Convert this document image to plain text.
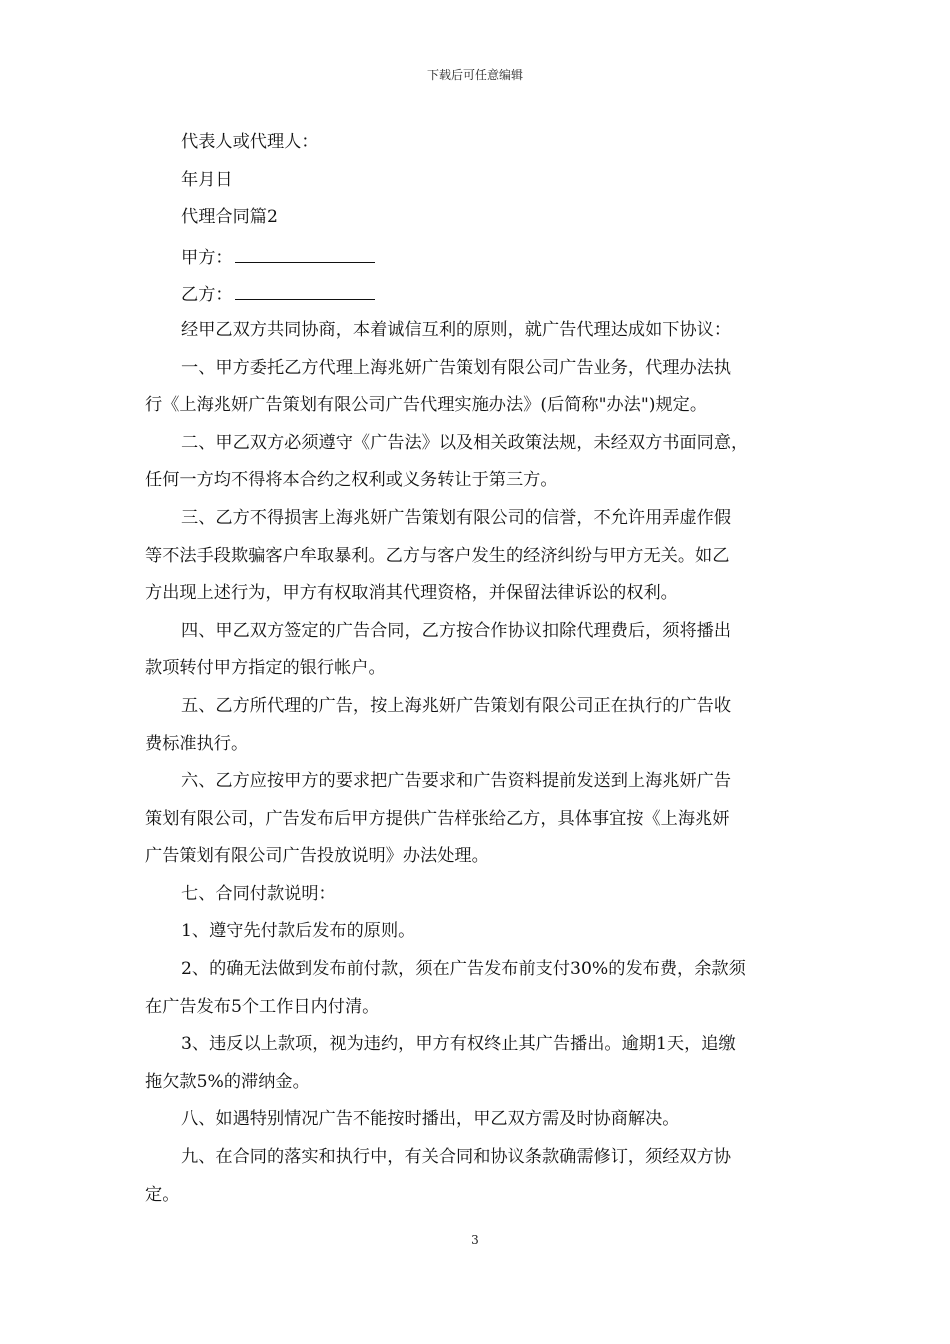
下载后可任意编辑
代表人或代理人：
年月日
代理合同篇2
甲方：
乙方：
经甲乙双方共同协商，本着诚信互利的原则，就广告代理达成如下协议：
一、甲方委托乙方代理上海兆妍广告策划有限公司广告业务，代理办法执
行《上海兆妍广告策划有限公司广告代理实施办法》(后简称"办法")规定。
二、甲乙双方必须遵守《广告法》以及相关政策法规，未经双方书面同意，
任何一方均不得将本合约之权利或义务转让于第三方。
三、乙方不得损害上海兆妍广告策划有限公司的信誉，不允许用弄虚作假
等不法手段欺骗客户牟取暴利。乙方与客户发生的经济纠纷与甲方无关。如乙
方出现上述行为，甲方有权取消其代理资格，并保留法律诉讼的权利。
四、甲乙双方签定的广告合同，乙方按合作协议扣除代理费后，须将播出
款项转付甲方指定的银行帐户。
五、乙方所代理的广告，按上海兆妍广告策划有限公司正在执行的广告收
费标准执行。
六、乙方应按甲方的要求把广告要求和广告资料提前发送到上海兆妍广告
策划有限公司，广告发布后甲方提供广告样张给乙方，具体事宜按《上海兆妍
广告策划有限公司广告投放说明》办法处理。
七、合同付款说明：
1、遵守先付款后发布的原则。
2、的确无法做到发布前付款，须在广告发布前支付30%的发布费，余款须
在广告发布5个工作日内付清。
3、违反以上款项，视为违约，甲方有权终止其广告播出。逾期1天，追缴
拖欠款5%的滞纳金。
八、如遇特别情况广告不能按时播出，甲乙双方需及时协商解决。
九、在合同的落实和执行中，有关合同和协议条款确需修订，须经双方协
定。
3
